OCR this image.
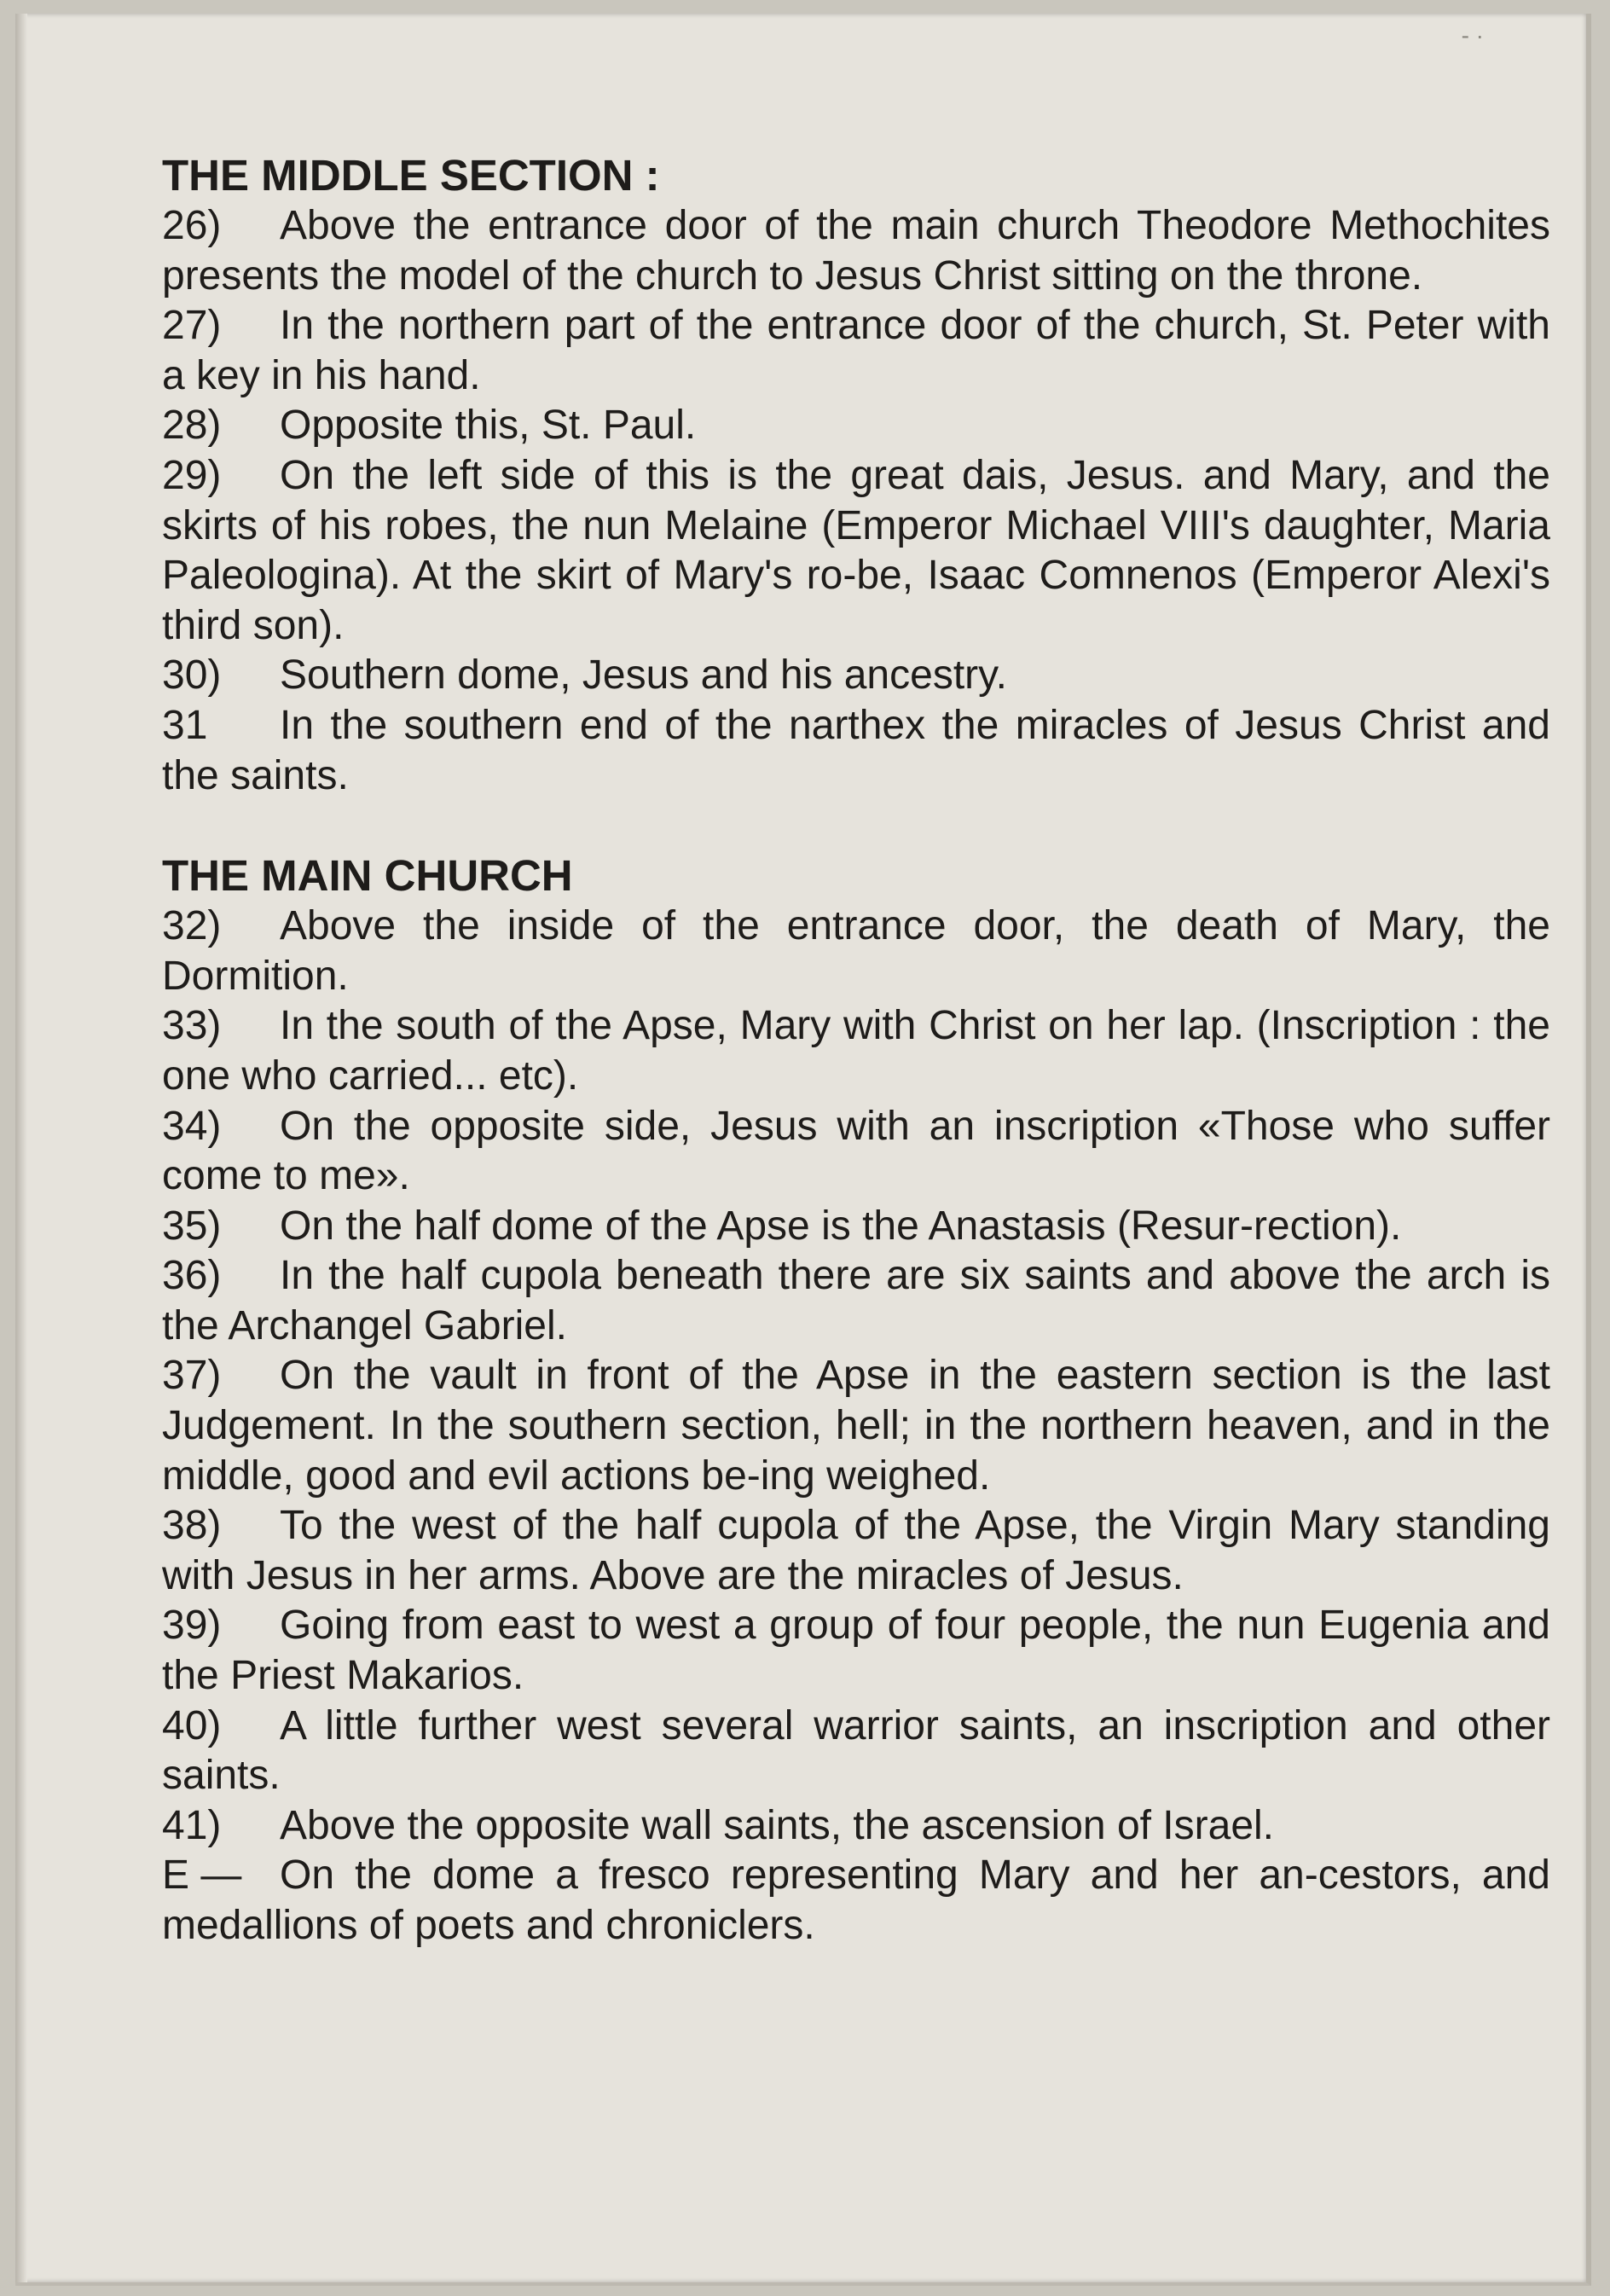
- ·
THE MIDDLE SECTION :

26) Above the entrance door of the main church Theodore Methochites presents the model of the church to Jesus Christ sitting on the throne.

27) In the northern part of the entrance door of the church, St. Peter with a key in his hand.

28) Opposite this, St. Paul.

29) On the left side of this is the great dais, Jesus. and Mary, and the skirts of his robes, the nun Melaine (Emperor Michael VIII's daughter, Maria Paleologina). At the skirt of Mary's ro-be, Isaac Comnenos (Emperor Alexi's third son).

30) Southern dome, Jesus and his ancestry.

31 In the southern end of the narthex the miracles of Jesus Christ and the saints.

THE MAIN CHURCH

32) Above the inside of the entrance door, the death of Mary, the Dormition.

33) In the south of the Apse, Mary with Christ on her lap. (Inscription : the one who carried... etc).

34) On the opposite side, Jesus with an inscription «Those who suffer come to me».

35) On the half dome of the Apse is the Anastasis (Resur-rection).

36) In the half cupola beneath there are six saints and above the arch is the Archangel Gabriel.

37) On the vault in front of the Apse in the eastern section is the last Judgement. In the southern section, hell; in the northern heaven, and in the middle, good and evil actions be-ing weighed.

38) To the west of the half cupola of the Apse, the Virgin Mary standing with Jesus in her arms. Above are the miracles of Jesus.

39) Going from east to west a group of four people, the nun Eugenia and the Priest Makarios.

40) A little further west several warrior saints, an inscription and other saints.

41) Above the opposite wall saints, the ascension of Israel.

E — On the dome a fresco representing Mary and her an-cestors, and medallions of poets and chroniclers.
